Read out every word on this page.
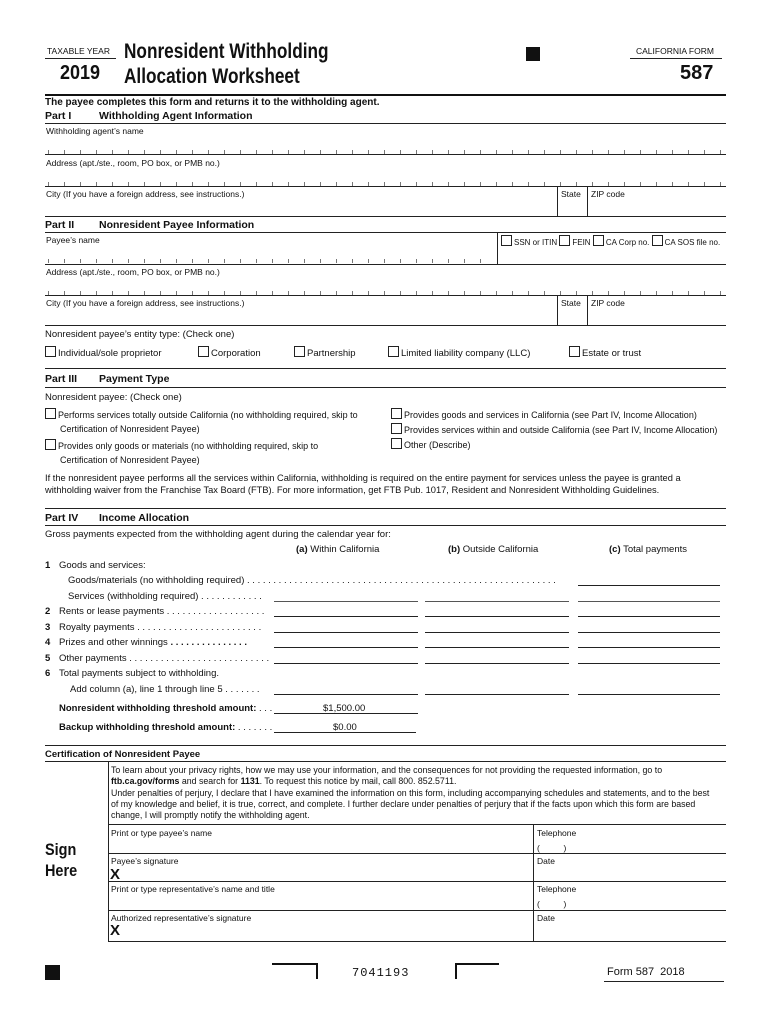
TAXABLE YEAR
2019
Nonresident Withholding
Allocation Worksheet
CALIFORNIA FORM
587
The payee completes this form and returns it to the withholding agent.
Part I	Withholding Agent Information
Withholding agent’s name
Address (apt./ste., room, PO box, or PMB no.)
City (If you have a foreign address, see instructions.)	State ZIP code
Part II Nonresident Payee Information
Payee’s name	SSN or ITIN FEIN CA Corp no. CA SOS file no.
Address (apt./ste., room, PO box, or PMB no.)
City (If you have a foreign address, see instructions.)	State ZIP code
Nonresident payee’s entity type: (Check one)
Individual/sole proprietor	Corporation	Partnership	Limited liability company (LLC)	Estate or trust
Part III Payment Type
Nonresident payee: (Check one)
Performs services totally outside California (no withholding required, skip to
Certification of Nonresident Payee)
Provides only goods or materials (no withholding required, skip to
Certification of Nonresident Payee)
Provides goods and services in California (see Part IV, Income Allocation)
Provides services within and outside California (see Part IV, Income Allocation)
Other (Describe)
If the nonresident payee performs all the services within California, withholding is required on the entire payment for services unless the payee is granted a
withholding waiver from the Franchise Tax Board (FTB). For more information, get FTB Pub. 1017, Resident and Nonresident Withholding Guidelines.
Part IV Income Allocation
Gross payments expected from the withholding agent during the calendar year for:
(a) Within California	(b) Outside California	(c) Total payments
1 Goods and services:
Goods/materials (no withholding required) . . . . . . . . . . . . . . . . . . . . . . . . . . . . . . . . . . . . . . . . . . . . . . . . . . . . . . . . . . .
Services (withholding required) . . . . . . . . . . . .
2 Rents or lease payments . . . . . . . . . . . . . . . . . . .
3 Royalty payments . . . . . . . . . . . . . . . . . . . . . . . .
4 Prizes and other winnings . . . . . . . . . . . . . . .
5 Other payments . . . . . . . . . . . . . . . . . . . . . . . . . . .
6 Total payments subject to withholding.
Add column (a), line 1 through line 5 . . . . . . .
Nonresident withholding threshold amount: . . .	$1,500.00
Backup withholding threshold amount: . . . . . . .	$0.00
Certification of Nonresident Payee
To learn about your privacy rights, how we may use your information, and the consequences for not providing the requested information, go to
ftb.ca.gov/forms and search for 1131. To request this notice by mail, call 800. 852.5711.
Under penalties of perjury, I declare that I have examined the information on this form, including accompanying schedules and statements, and to the best
of my knowledge and belief, it is true, correct, and complete. I further declare under penalties of perjury that if the facts upon which this form are based
change, I will promptly notify the withholding agent.
Sign
Here
Print or type payee’s name	Telephone
(          )
Payee’s signature
X
Date
Print or type representative’s name and title	Telephone
(          )
Authorized representative’s signature
X
Date
7041193	Form 587  2018
